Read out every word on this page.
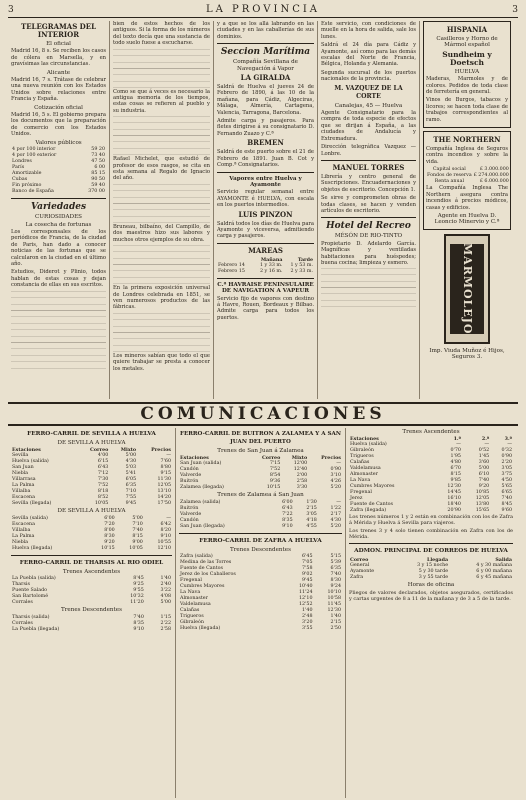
3	LA PROVINCIA	3
TELEGRAMAS DEL INTERIOR
El oficial

Madrid 16, 8 s. Se reciben los casos de cólera en Marsella, y en gravísimas las circunstancias.

Alicante

Madrid 16, 7 s. Trátase de celebrar una nueva reunión con los Estados Unidos sobre relaciones entre Francia y España.

Cotización oficial

Madrid 16, 5 s. El gobierno prepara los documentos que la preparación de comercio con los Estados Unidos.

Valores públicos
4 por 100 interior	59 20
4 por 100 exterior	73 40
Londres	47 50
París	6 00
Amortizable	85 15
Cubas	90 50
Fin próximo	59 40
Banco de España	370 00
Variedades
CURIOSIDADES
La cosecha de fortunas

Los corresponsales de los periódicos de Francia, de la ciudad de Paris, han dado a conocer noticias de las fortunas que se calcularon en la ciudad en el último año.

Estudios, Diderot y Plinio, todos hablan de estas cosas y dejan constancia de ellas en sus escritos.

bien de estos hechos de los antiguos. Si la forma de los números del texto decía que una sustancia de todo suelo fuese a escucharse.

Como se que á veces es necesario la antigua memoria de los tiempos, estas cosas se refieren al pueblo y su industria.

Rafael Michelet, que estudió de profesor de esos rasgos, se cita en esta semana al Regalo de Ignacio del año.

Bruneau, bilbaíno, del Campillo, de dos maestros hizo sus labores y muchos otros ejemplos de su obra.

En la primera exposición universal de Londres celebrada en 1851, se ven numerosos productos de las fábricas.

Los mineros sabían que todo el que quiere trabajar se presta a conocer los metales.

y a que se los allá labrando en las ciudades y en las caballerías de sus dominios.

Seccion Marítima
Compañía Sevillana de Navegación á Vapor
LA GIRALDA

Saldrá de Huelva el jueves 24 de Febrero de 1890, á las 10 de la mañana, para Cádiz, Algeciras, Málaga, Almería, Cartagena, Valencia, Tarragona, Barcelona.

Admite carga y pasajeros. Para fletes dirigirse á su consignatario D. Fernando Zuazo y C.ª

BREMEN

Saldrá de este puerto sobre el 21 de Febrero de 1891. Juan B. Cot y Comp.ª Consignatarios.

Vapores entre Huelva y Ayamonte

Servicio regular semanal entre AYAMONTE é HUELVA, con escala en los puertos intermedios.

LUIS PINZON

Saldrá todos los días de Huelva para Ayamonte y viceversa, admitiendo carga y pasajeros.

MAREAS
	Mañana	Tarde
Febrero 14	1 y 33 m.	1 y 53 m.
Febrero 15	2 y 16 m.	2 y 33 m.
C.ª HAVRAISE PENINSULAIRE DE NAVIGATION A VAPEUR

Servicio fijo de vapores con destino á Havre, Rouen, Bordeaux y Bilbao. Admite carga para todos los puertos.

Este servicio, con condiciones de muelle en la hora de salida, sale los lunes.

Saldrá el 24 día para Cádiz y Ayamonte, así como para las demás escalas del Norte de Francia, Bélgica, Holanda y Alemania.

Segunda sucursal de los puertos nacionales de la provincia.

M. VAZQUEZ DE LA CORTE
Canalejas, 45 — Huelva

Agente Consignatario para la compra de toda especie de efectos que se dirijan á España, a las ciudades de Andalucía y Extremadura.

Dirección telegráfica Vazquez — Lonbre.

MANUEL TORRES

Librería y centro general de Suscripciones. Encuadernaciones y objetos de escritorio. Concepción 1.

Se sirve y comprometen obras de todas clases, se hacen y venden artículos de escritorio.

Hotel del Recreo
MÉSÓN DE RIO-TINTO

Propietario D. Adelardo García. Magníficas y ventiladas habitaciones para huéspedes; buena cocina; limpieza y esmero.

HISPANIA
Casilleros y Horno de Mármol español
Sundheim y Doetsch
HUELVA

Maderas, Marmoles y de colores. Pedidos de toda clase de ferretería en general.

Vinos de Burgos, tabacos y licores; se hacen toda clase de trabajos correspondientes al ramo.

THE NORTHERN

Compañía Inglesa de Seguros contra incendios y sobre la vida.

Capital social	£ 3.000.000
Fondos de reserva	£ 274.000.000
Renta anual	£ 6.000.000

La Compañía Inglesa The Northern asegura contra incendios á precios módicos, casas y edificios.

Agente en Huelva D. Leoncio Minervio y C.ª
MARMOLEJO
Imp. Viuda Muñoz é Hijos, Seguros 3.
COMUNICACIONES
FERRO-CARRIL DE SEVILLA A HUELVA
DE SEVILLA A HUELVA
Estaciones	Correo	Mixto	Precios
Sevilla	4'00	5'00	—
Huelva (salida)	6'15	4'30	7'60
San Juan	6'43	5'03	8'80
Niebla	7'12	5'41	9'15
Villarrasa	7'30	6'05	11'30
La Palma	7'52	6'35	12'05
Villalba	8'18	7'10	13'10
Escacena	8'52	7'55	14'20
Sevilla (llegada)	10'05	9'45	17'50
DE SEVILLA A HUELVA
Sevilla (salida)	6'00	5'00	—
Escacena	7'20	7'10	6'42
Villalba	8'00	7'40	8'20
La Palma	8'30	8'15	9'10
Niebla	9'20	9'00	10'55
Huelva (llegada)	10'15	10'05	12'10
FERRO-CARRIL DE THARSIS AL RIO ODIEL
Trenes Ascendentes
La Puebla (salida)	8'45	1'40
Tharsis	9'25	2'40
Puente Salado	9'55	3'22
San Bartolomé	10'32	4'08
Corrales	11'20	5'00
Trenes Descendentes
Tharsis (salida)	7'40	1'15
Corrales	8'35	2'22
La Puebla (llegada)	9'10	2'58
FERRO-CARRIL DE BUITRON A ZALAMEA Y A SAN JUAN DEL PUERTO
Trenes de San Juan á Zalamea
Estaciones	Correo	Mixto	Precios
San Juan (salida)	7'15	12'00	—
Candón	7'52	12'40	0'90
Valverde	8'54	2'00	3'10
Buitrón	9'36	2'58	4'26
Zalamea (llegada)	10'15	3'30	5'20
Trenes de Zalamea á San Juan
Zalamea (salida)	6'00	1'30	—
Buitrón	6'43	2'15	1'22
Valverde	7'22	3'05	2'17
Candón	8'35	4'18	4'30
San Juan (llegada)	9'10	4'55	5'20
FERRO-CARRIL DE ZAFRA A HUELVA
Trenes Descendentes
Zafra (salida)	6'45	5'15
Medina de las Torres	7'05	5'39
Fuente de Cantos	7'58	6'35
Jerez de los Caballeros	9'02	7'40
Fregenal	9'45	8'30
Cumbres Mayores	10'40	9'24
La Nava	11'24	10'10
Almonaster	12'10	10'58
Valdelamusa	12'52	11'45
Calañas	1'40	12'30
Trigueros	2'48	1'40
Gibraleón	3'20	2'15
Huelva (llegada)	3'55	2'50
Trenes Ascendentes
Estaciones	1.ª	2.ª	3.ª
Huelva (salida)	—	—	—
Gibraleón	0'70	0'52	0'32
Trigueros	1'95	1'45	0'90
Calañas	4'80	3'60	2'20
Valdelamusa	6'70	5'00	3'05
Almonaster	8'15	6'10	3'75
La Nava	9'85	7'40	4'50
Cumbres Mayores	12'30	9'20	5'65
Fregenal	14'45	10'85	6'65
Jerez	16'10	12'05	7'40
Fuente de Cantos	18'40	13'80	8'45
Zafra (llegada)	20'90	15'65	9'60

Los trenes números 1 y 2 están en combinación con los de Zafra á Mérida y Huelva á Sevilla para viajeros.

Los trenes 3 y 4 solo tienen combinación en Zafra con los de Mérida.

ADMON. PRINCIPAL DE CORREOS DE HUELVA
Correo	Llegada	Salida
General	3 y 15 noche	4 y 30 mañana
Ayamonte	5 y 30 tarde	6 y 00 mañana
Zafra	3 y 55 tarde	6 y 45 mañana
Horas de oficina

Pliegos de valores declarados, objetos asegurados, certificados y cartas urgentes de 8 a 11 de la mañana y de 3 a 5 de la tarde.
